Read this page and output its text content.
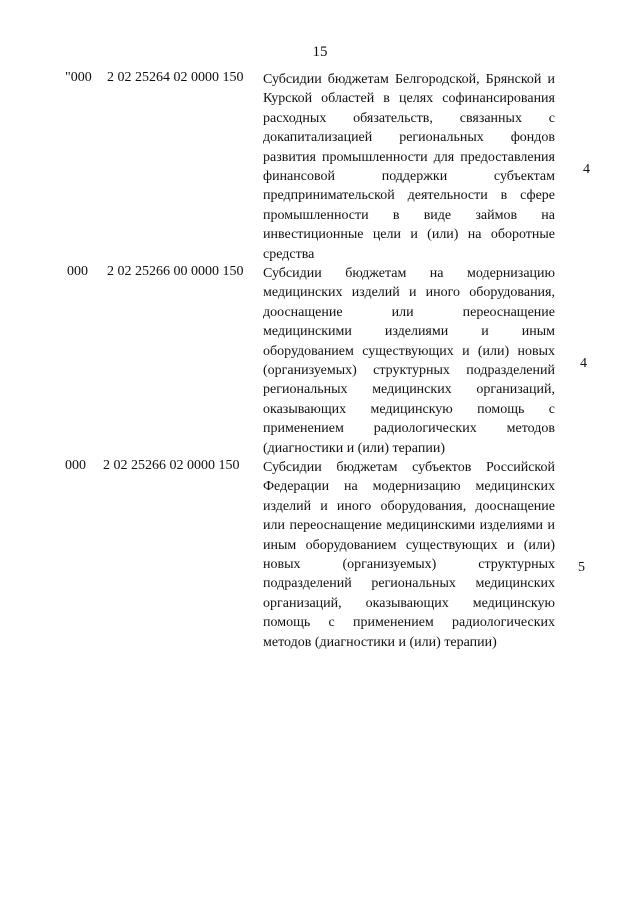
15
"000 2 02 25264 02 0000 150 Субсидии бюджетам Белгородской, Брянской и Курской областей в целях софинансирования расходных обязательств, связанных с докапитализацией региональных фондов развития промышленности для предоставления финансовой поддержки субъектам предпринимательской деятельности в сфере промышленности в виде займов на инвестиционные цели и (или) на оборотные средства
4
000 2 02 25266 00 0000 150 Субсидии бюджетам на модернизацию медицинских изделий и иного оборудования, дооснащение или переоснащение медицинскими изделиями и иным оборудованием существующих и (или) новых (организуемых) структурных подразделений региональных медицинских организаций, оказывающих медицинскую помощь с применением радиологических методов (диагностики и (или) терапии)
4
000 2 02 25266 02 0000 150 Субсидии бюджетам субъектов Российской Федерации на модернизацию медицинских изделий и иного оборудования, дооснащение или переоснащение медицинскими изделиями и иным оборудованием существующих и (или) новых (организуемых) структурных подразделений региональных медицинских организаций, оказывающих медицинскую помощь с применением радиологических методов (диагностики и (или) терапии)
5
